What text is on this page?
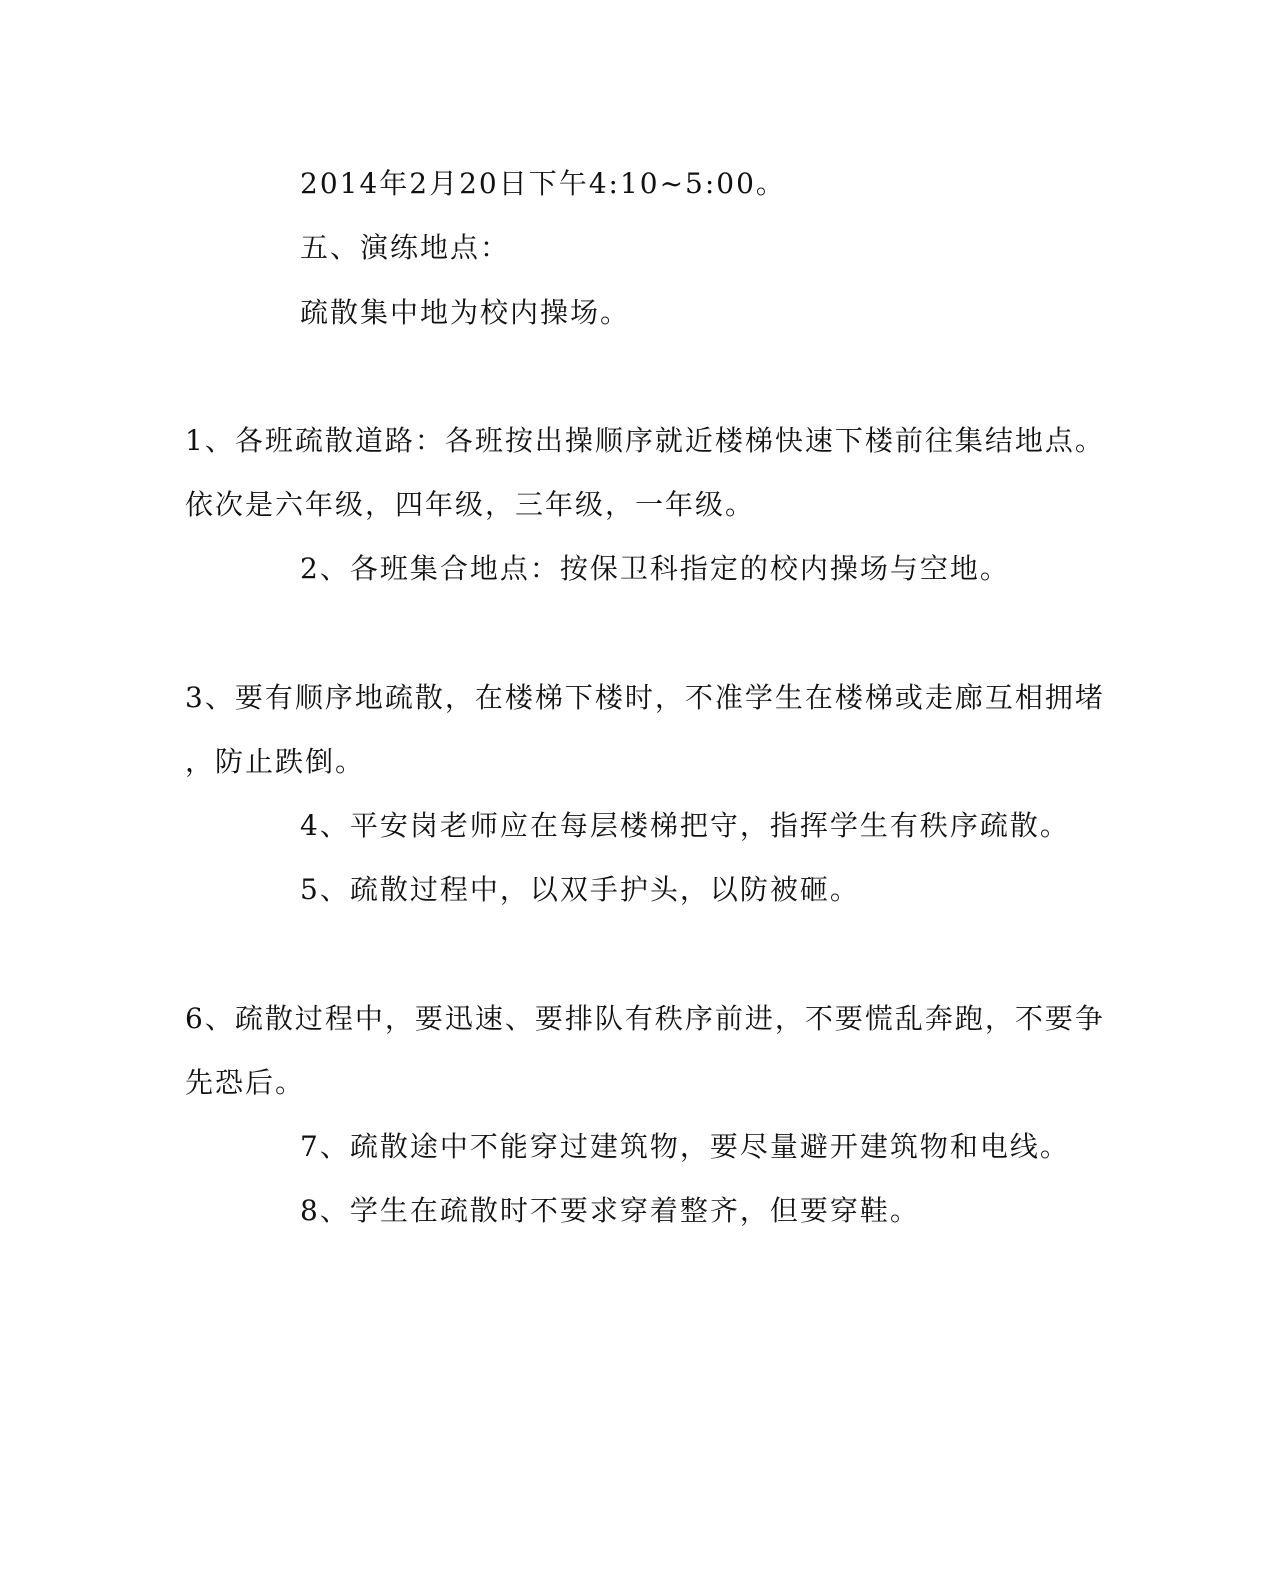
2014年2月20日下午4:10~5:00。
五、演练地点：
疏散集中地为校内操场。
1、各班疏散道路：各班按出操顺序就近楼梯快速下楼前往集结地点。
依次是六年级，四年级，三年级，一年级。
2、各班集合地点：按保卫科指定的校内操场与空地。
3、要有顺序地疏散，在楼梯下楼时，不准学生在楼梯或走廊互相拥堵
，防止跌倒。
4、平安岗老师应在每层楼梯把守，指挥学生有秩序疏散。
5、疏散过程中，以双手护头，以防被砸。
6、疏散过程中，要迅速、要排队有秩序前进，不要慌乱奔跑，不要争
先恐后。
7、疏散途中不能穿过建筑物，要尽量避开建筑物和电线。
8、学生在疏散时不要求穿着整齐，但要穿鞋。
